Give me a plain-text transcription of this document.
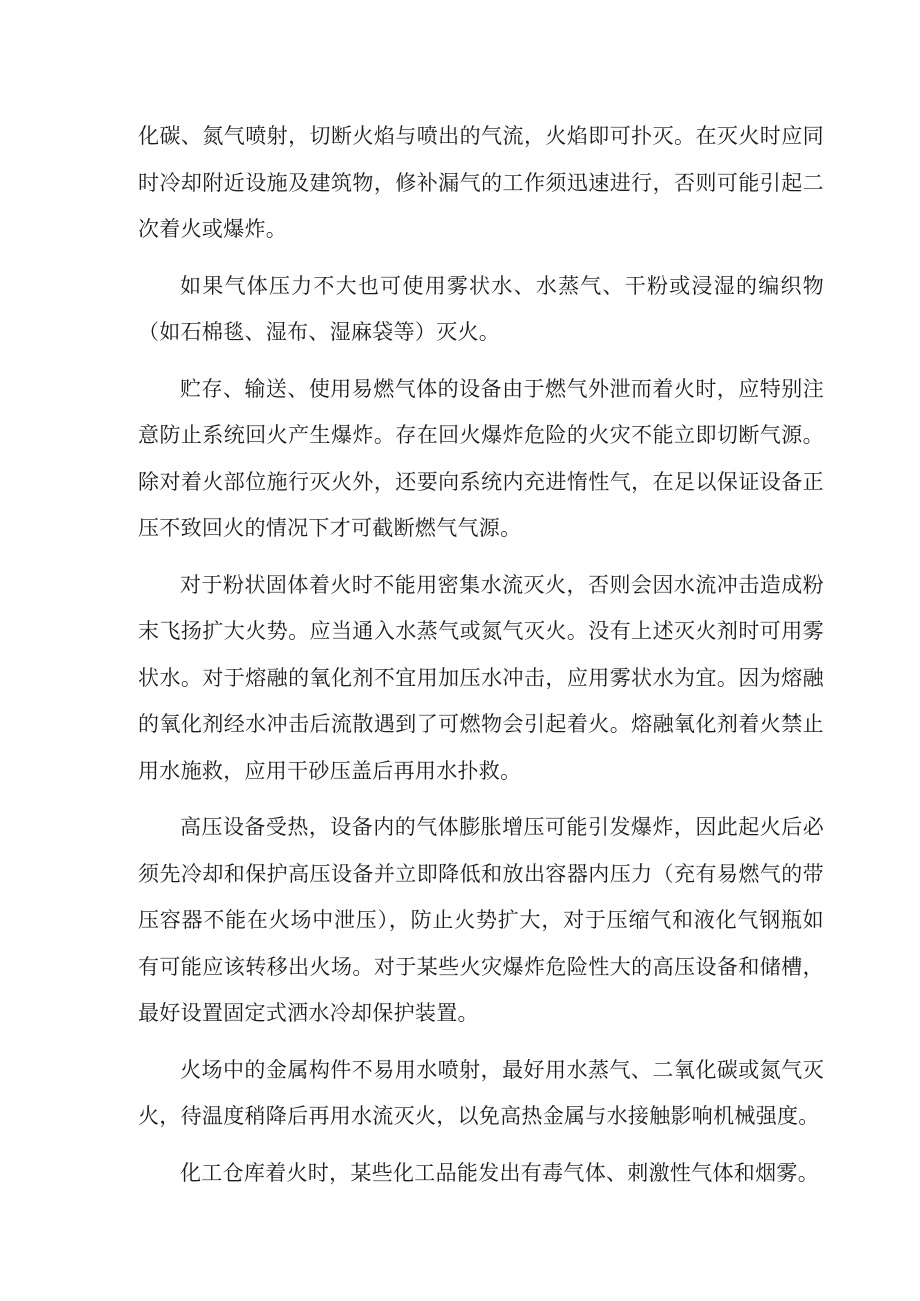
化碳、氮气喷射，切断火焰与喷出的气流，火焰即可扑灭。在灭火时应同时冷却附近设施及建筑物，修补漏气的工作须迅速进行，否则可能引起二次着火或爆炸。

如果气体压力不大也可使用雾状水、水蒸气、干粉或浸湿的编织物（如石棉毯、湿布、湿麻袋等）灭火。

贮存、输送、使用易燃气体的设备由于燃气外泄而着火时，应特别注意防止系统回火产生爆炸。存在回火爆炸危险的火灾不能立即切断气源。除对着火部位施行灭火外，还要向系统内充进惰性气，在足以保证设备正压不致回火的情况下才可截断燃气气源。

对于粉状固体着火时不能用密集水流灭火，否则会因水流冲击造成粉末飞扬扩大火势。应当通入水蒸气或氮气灭火。没有上述灭火剂时可用雾状水。对于熔融的氧化剂不宜用加压水冲击，应用雾状水为宜。因为熔融的氧化剂经水冲击后流散遇到了可燃物会引起着火。熔融氧化剂着火禁止用水施救，应用干砂压盖后再用水扑救。

高压设备受热，设备内的气体膨胀增压可能引发爆炸，因此起火后必须先冷却和保护高压设备并立即降低和放出容器内压力（充有易燃气的带压容器不能在火场中泄压），防止火势扩大，对于压缩气和液化气钢瓶如有可能应该转移出火场。对于某些火灾爆炸危险性大的高压设备和储槽，最好设置固定式洒水冷却保护装置。

火场中的金属构件不易用水喷射，最好用水蒸气、二氧化碳或氮气灭火，待温度稍降后再用水流灭火，以免高热金属与水接触影响机械强度。

化工仓库着火时，某些化工品能发出有毒气体、刺激性气体和烟雾。
